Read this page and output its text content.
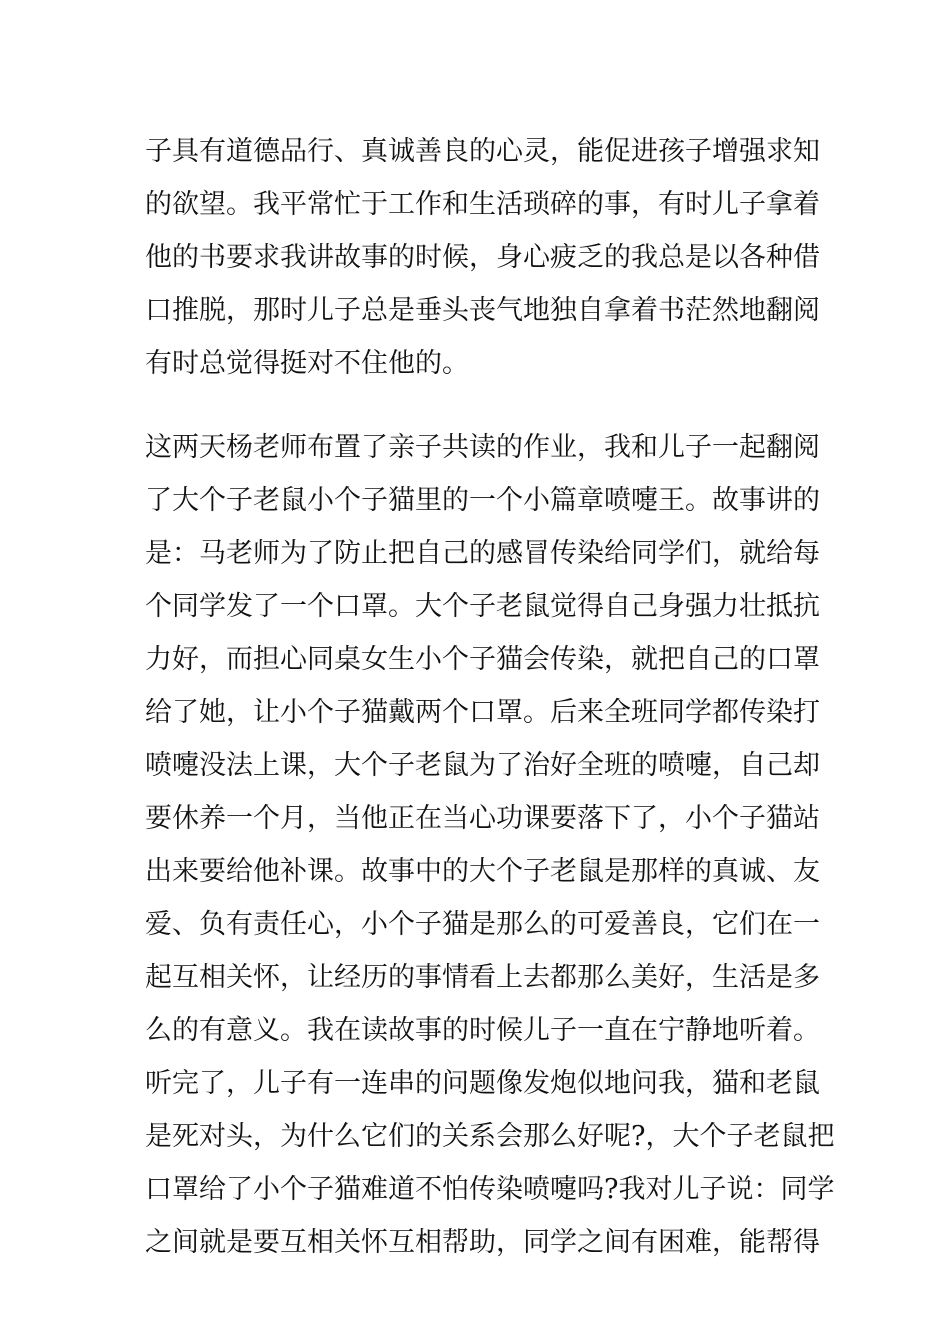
子具有道德品行、真诚善良的心灵，能促进孩子增强求知
的欲望。我平常忙于工作和生活琐碎的事，有时儿子拿着
他的书要求我讲故事的时候，身心疲乏的我总是以各种借
口推脱，那时儿子总是垂头丧气地独自拿着书茫然地翻阅
有时总觉得挺对不住他的。
这两天杨老师布置了亲子共读的作业，我和儿子一起翻阅
了大个子老鼠小个子猫里的一个小篇章喷嚏王。故事讲的
是：马老师为了防止把自己的感冒传染给同学们，就给每
个同学发了一个口罩。大个子老鼠觉得自己身强力壮抵抗
力好，而担心同桌女生小个子猫会传染，就把自己的口罩
给了她，让小个子猫戴两个口罩。后来全班同学都传染打
喷嚏没法上课，大个子老鼠为了治好全班的喷嚏，自己却
要休养一个月，当他正在当心功课要落下了，小个子猫站
出来要给他补课。故事中的大个子老鼠是那样的真诚、友
爱、负有责任心，小个子猫是那么的可爱善良，它们在一
起互相关怀，让经历的事情看上去都那么美好，生活是多
么的有意义。我在读故事的时候儿子一直在宁静地听着。
听完了，儿子有一连串的问题像发炮似地问我，猫和老鼠
是死对头，为什么它们的关系会那么好呢?，大个子老鼠把
口罩给了小个子猫难道不怕传染喷嚏吗?我对儿子说：同学
之间就是要互相关怀互相帮助，同学之间有困难，能帮得
